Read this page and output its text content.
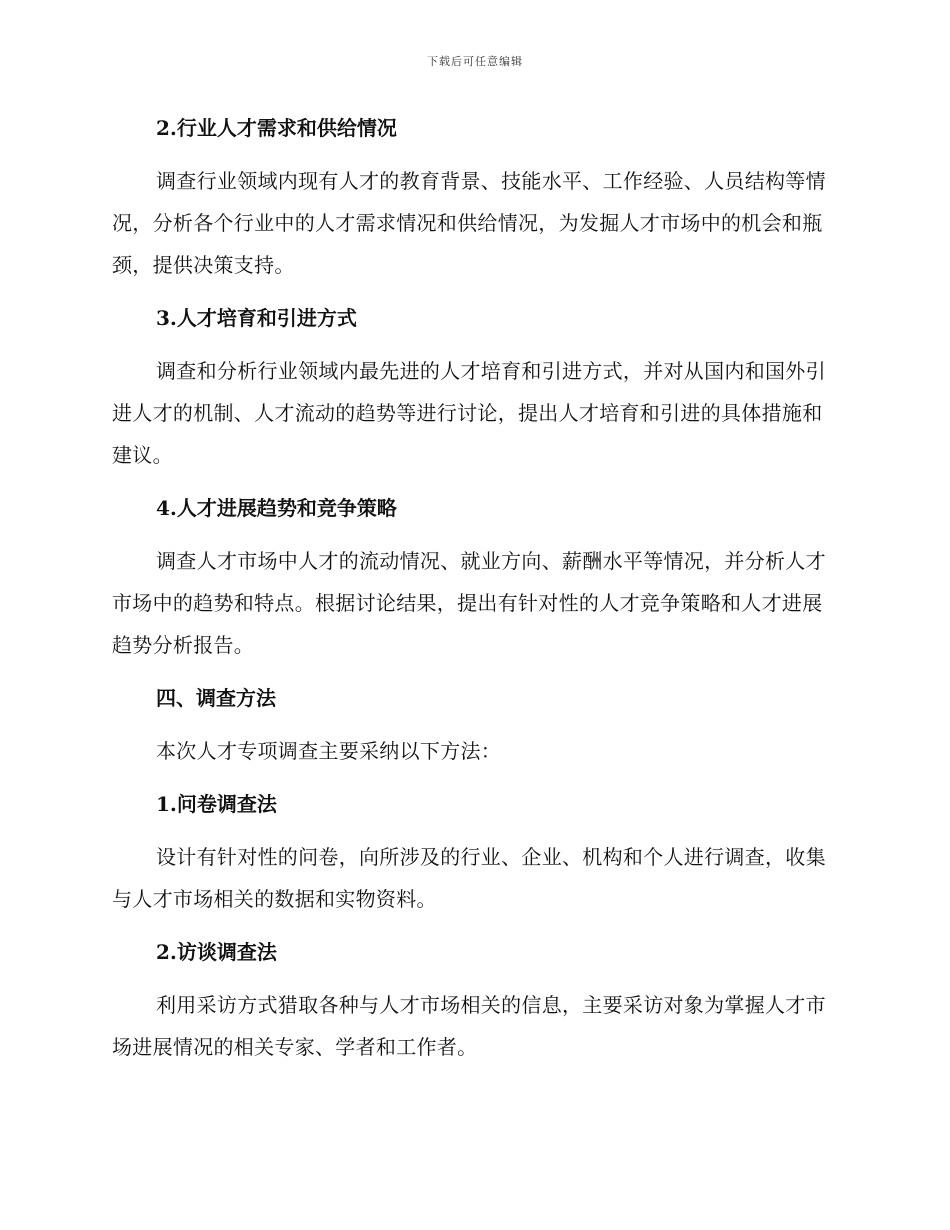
下载后可任意编辑
2.行业人才需求和供给情况

调查行业领域内现有人才的教育背景、技能水平、工作经验、人员结构等情况，分析各个行业中的人才需求情况和供给情况，为发掘人才市场中的机会和瓶颈，提供决策支持。

3.人才培育和引进方式

调查和分析行业领域内最先进的人才培育和引进方式，并对从国内和国外引进人才的机制、人才流动的趋势等进行讨论，提出人才培育和引进的具体措施和建议。

4.人才进展趋势和竞争策略

调查人才市场中人才的流动情况、就业方向、薪酬水平等情况，并分析人才市场中的趋势和特点。根据讨论结果，提出有针对性的人才竞争策略和人才进展趋势分析报告。

四、调查方法

本次人才专项调查主要采纳以下方法：

1.问卷调查法

设计有针对性的问卷，向所涉及的行业、企业、机构和个人进行调查，收集与人才市场相关的数据和实物资料。

2.访谈调查法

利用采访方式猎取各种与人才市场相关的信息，主要采访对象为掌握人才市场进展情况的相关专家、学者和工作者。
